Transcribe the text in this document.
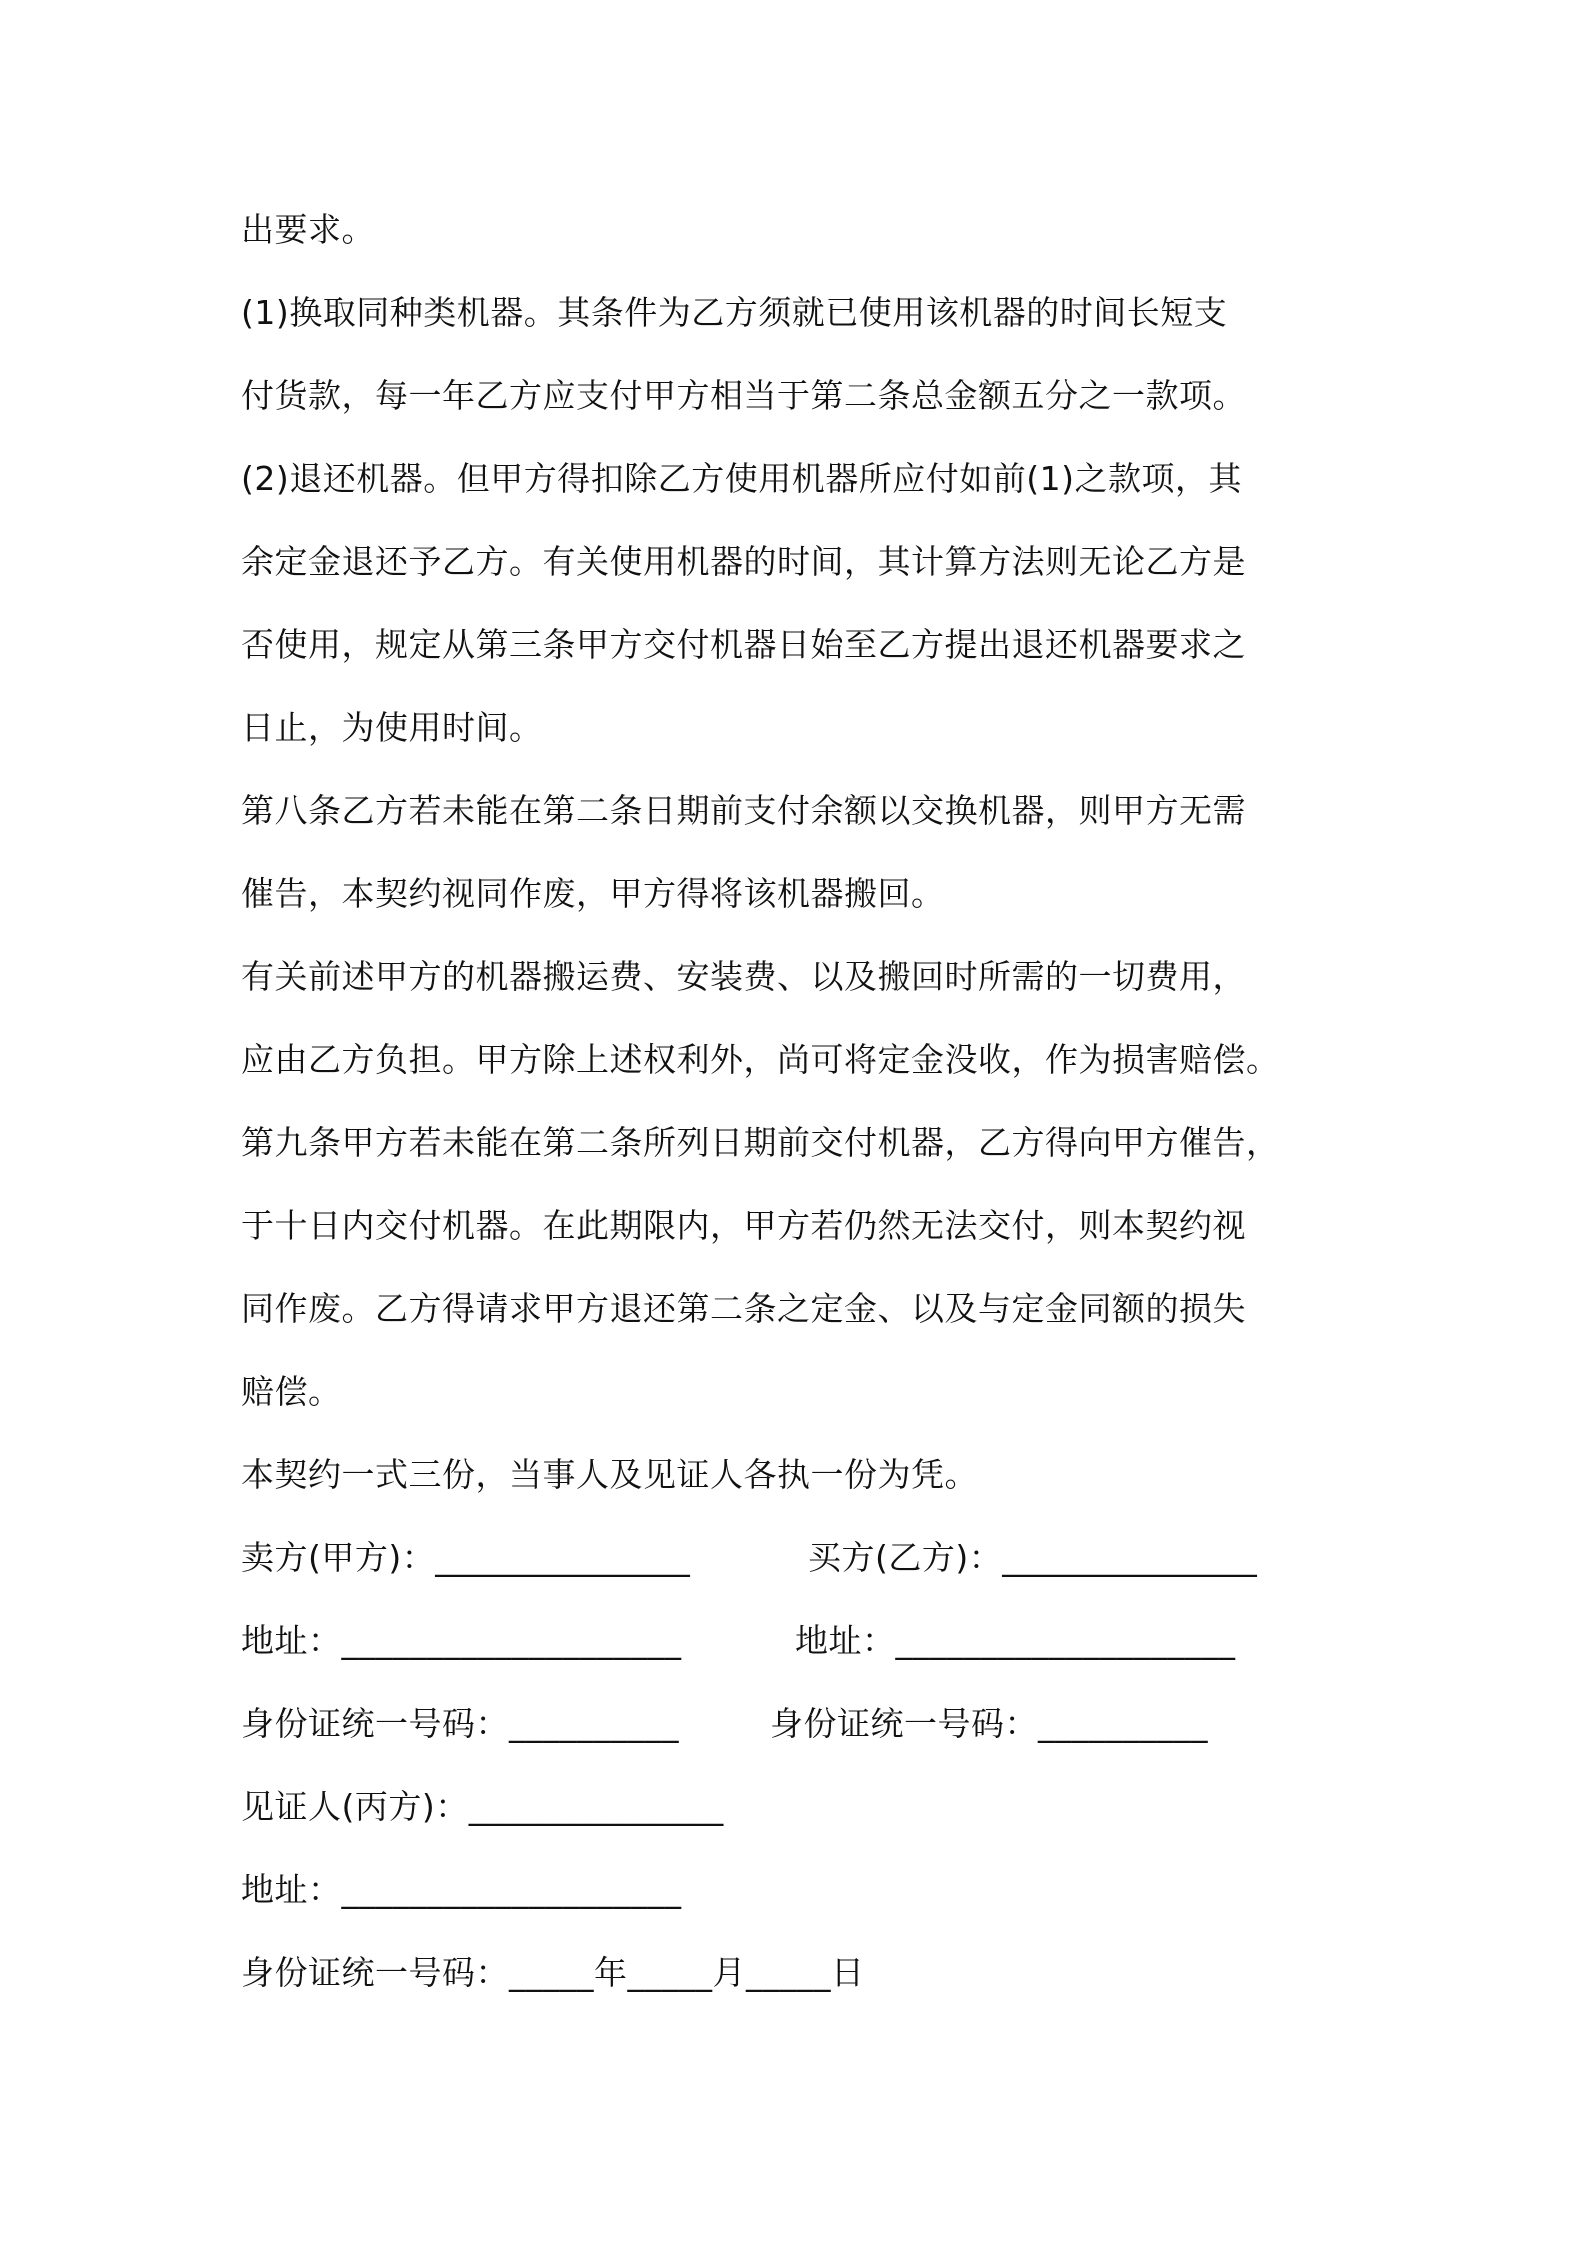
出要求。
(1)换取同种类机器。其条件为乙方须就已使用该机器的时间长短支
付货款，每一年乙方应支付甲方相当于第二条总金额五分之一款项。
(2)退还机器。但甲方得扣除乙方使用机器所应付如前(1)之款项，其
余定金退还予乙方。有关使用机器的时间，其计算方法则无论乙方是
否使用，规定从第三条甲方交付机器日始至乙方提出退还机器要求之
日止，为使用时间。
第八条乙方若未能在第二条日期前支付余额以交换机器，则甲方无需
催告，本契约视同作废，甲方得将该机器搬回。
有关前述甲方的机器搬运费、安装费、以及搬回时所需的一切费用，
应由乙方负担。甲方除上述权利外，尚可将定金没收，作为损害赔偿。
第九条甲方若未能在第二条所列日期前交付机器，乙方得向甲方催告，
于十日内交付机器。在此期限内，甲方若仍然无法交付，则本契约视
同作废。乙方得请求甲方退还第二条之定金、以及与定金同额的损失
赔偿。
本契约一式三份，当事人及见证人各执一份为凭。
卖方(甲方)：_______________	买方(乙方)：_______________
地址：____________________	地址：____________________
身份证统一号码：__________	身份证统一号码：__________
见证人(丙方)：_______________
地址：____________________
身份证统一号码：_____年_____月_____日
